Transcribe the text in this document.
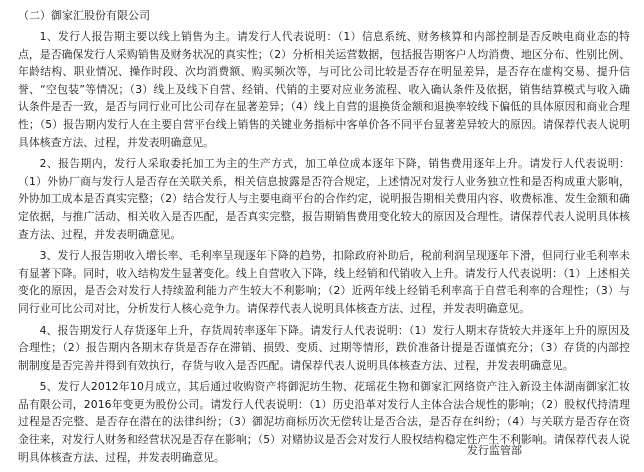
（二）御家汇股份有限公司

1、发行人报告期主要以线上销售为主。请发行人代表说明：（1）信息系统、财务核算和内部控制是否反映电商业态的特点，是否确保发行人采购销售及财务状况的真实性；（2）分析相关运营数据，包括报告期客户人均消费、地区分布、性别比例、年龄结构、职业情况、操作时段、次均消费额、购买频次等，与可比公司比较是否存在明显差异，是否存在虚构交易、提升信誉、“空包装”等情况；（3）线上及线下自营、经销、代销的主要对应业务流程、收入确认条件及依据，销售结算模式与收入确认条件是否一致，是否与同行业可比公司存在显著差异；（4）线上自营的退换货金额和退换率较线下偏低的具体原因和商业合理性；（5）报告期内发行人在主要自营平台线上销售的关键业务指标中客单价各不同平台显著差异较大的原因。请保荐代表人说明具体核查方法、过程，并发表明确意见。

2、报告期内，发行人采取委托加工为主的生产方式，加工单位成本逐年下降，销售费用逐年上升。请发行人代表说明：（1）外协厂商与发行人是否存在关联关系，相关信息披露是否符合规定，上述情况对发行人业务独立性和是否构成重大影响，外协加工成本是否真实完整；（2）结合发行人与主要电商平台的合作约定，说明报告期相关费用内容、收费标准、发生金额和确定依据，与推广活动、相关收入是否匹配，是否真实完整，报告期销售费用变化较大的原因及合理性。请保荐代表人说明具体核查方法、过程，并发表明确意见。

3、发行人报告期收入增长率、毛利率呈现逐年下降的趋势，扣除政府补助后，税前利润呈现逐年下滑，但同行业毛利率未有显著下降。同时，收入结构发生显著变化。线上自营收入下降，线上经销和代销收入上升。请发行人代表说明：（1）上述相关变化的原因，是否会对发行人持续盈利能力产生较大不利影响；（2）近两年线上经销毛利率高于自营毛利率的合理性；（3）与同行业可比公司对比，分析发行人核心竞争力。请保荐代表人说明具体核查方法、过程，并发表明确意见。

4、报告期发行人存货逐年上升，存货周转率逐年下降。请发行人代表说明：（1）发行人期末存货较大并逐年上升的原因及合理性；（2）报告期内各期末存货是否存在滞销、损毁、变质、过期等情形，跌价准备计提是否谨慎充分；（3）存货的内部控制制度是否完善并得到有效执行，存货与收入是否匹配。请保荐代表人说明具体核查方法、过程，并发表明确意见。

5、发行人2012年10月成立，其后通过收购资产将御泥坊生物、花瑶花生物和御家汇网络资产注入新设主体湖南御家汇妆品有限公司，2016年变更为股份公司。请发行人代表说明：（1）历史沿革对发行人主体合法合规性的影响；（2）股权代持清理过程是否完整、是否存在潜在的法律纠纷；（3）御泥坊商标历次无偿转让是否合法，是否存在纠纷；（4）与关联方是否存在资金往来，对发行人财务和经营状况是否存在影响；（5）对赌协议是否会对发行人股权结构稳定性产生不利影响。请保荐代表人说明具体核查方法、过程，并发表明确意见。

发行监管部
